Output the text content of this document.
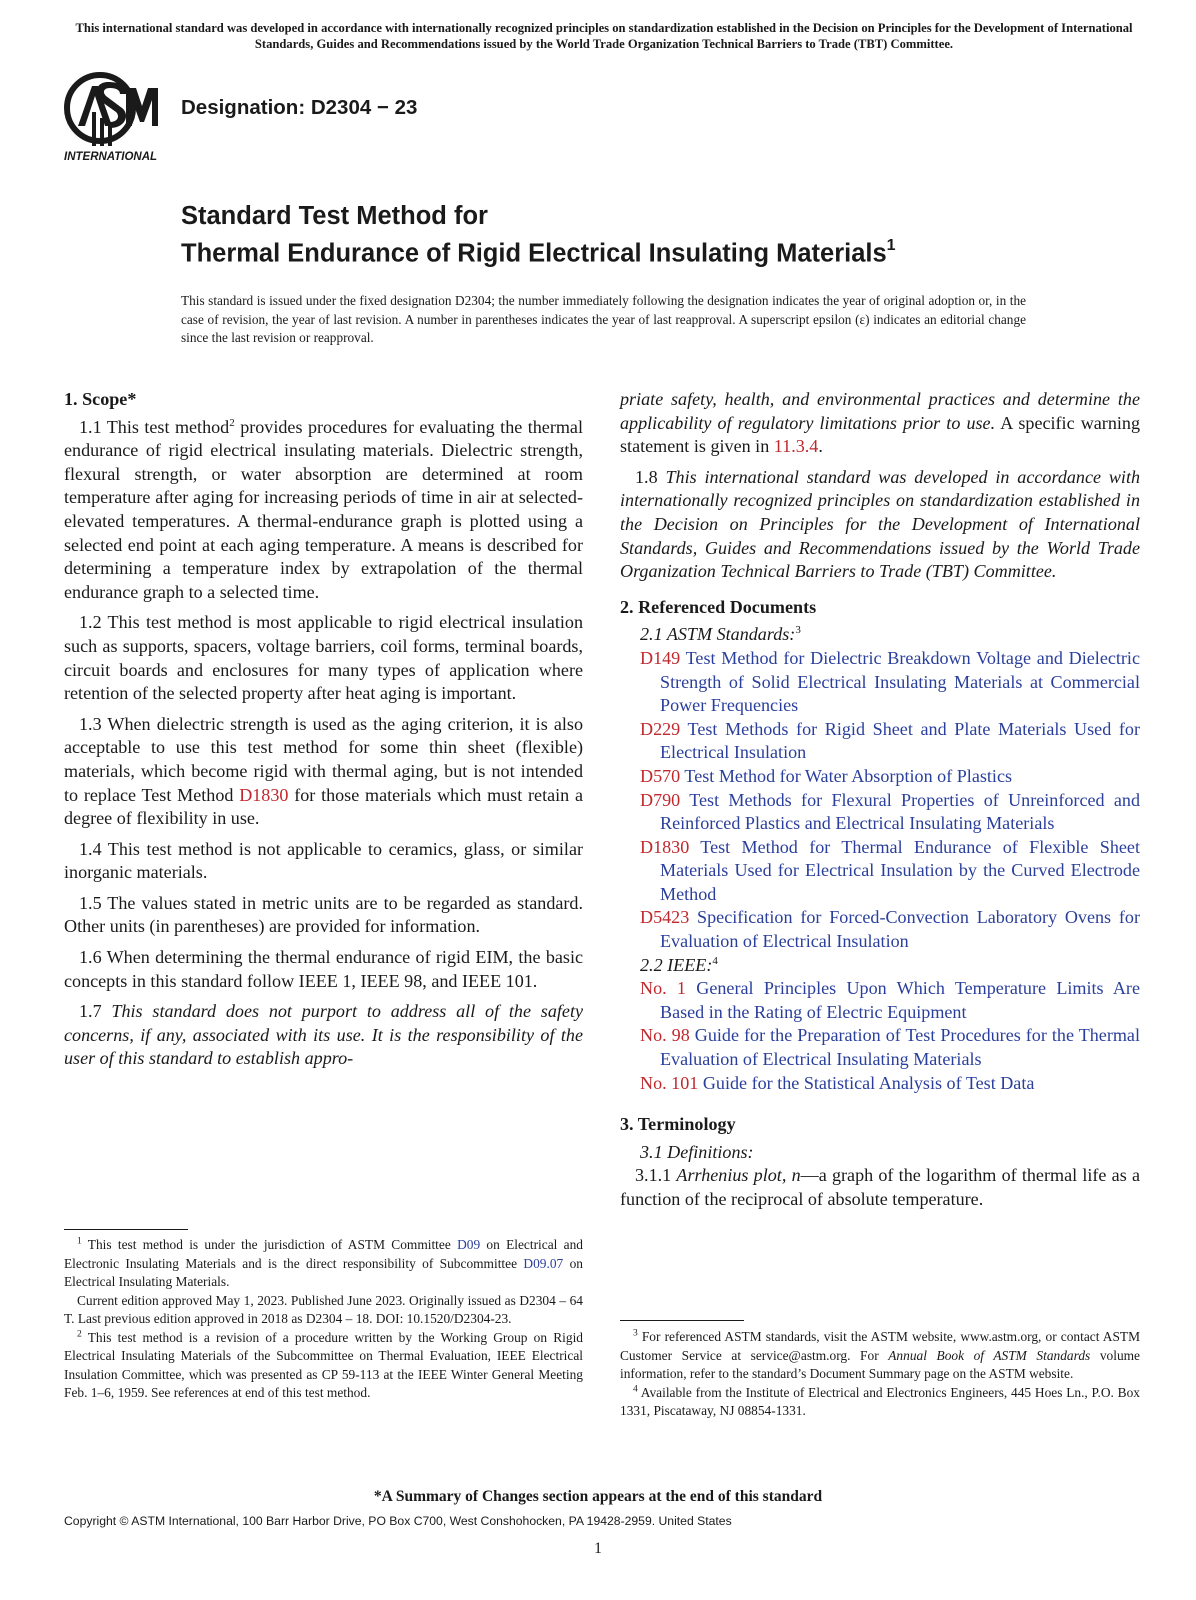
This international standard was developed in accordance with internationally recognized principles on standardization established in the Decision on Principles for the Development of International Standards, Guides and Recommendations issued by the World Trade Organization Technical Barriers to Trade (TBT) Committee.
INTERNATIONAL
Designation: D2304 − 23
Standard Test Method for
Thermal Endurance of Rigid Electrical Insulating Materials$^1$
This standard is issued under the fixed designation D2304; the number immediately following the designation indicates the year of original adoption or, in the case of revision, the year of last revision. A number in parentheses indicates the year of last reapproval. A superscript epsilon (ε) indicates an editorial change since the last revision or reapproval.
1. Scope*
1.1 This test method$^2$ provides procedures for evaluating the thermal endurance of rigid electrical insulating materials. Dielectric strength, flexural strength, or water absorption are determined at room temperature after aging for increasing periods of time in air at selected-elevated temperatures. A thermal-endurance graph is plotted using a selected end point at each aging temperature. A means is described for determining a temperature index by extrapolation of the thermal endurance graph to a selected time.
1.2 This test method is most applicable to rigid electrical insulation such as supports, spacers, voltage barriers, coil forms, terminal boards, circuit boards and enclosures for many types of application where retention of the selected property after heat aging is important.
1.3 When dielectric strength is used as the aging criterion, it is also acceptable to use this test method for some thin sheet (flexible) materials, which become rigid with thermal aging, but is not intended to replace Test Method D1830 for those materials which must retain a degree of flexibility in use.
1.4 This test method is not applicable to ceramics, glass, or similar inorganic materials.
1.5 The values stated in metric units are to be regarded as standard. Other units (in parentheses) are provided for information.
1.6 When determining the thermal endurance of rigid EIM, the basic concepts in this standard follow IEEE 1, IEEE 98, and IEEE 101.
1.7 This standard does not purport to address all of the safety concerns, if any, associated with its use. It is the responsibility of the user of this standard to establish appro-
priate safety, health, and environmental practices and determine the applicability of regulatory limitations prior to use. A specific warning statement is given in 11.3.4.
1.8 This international standard was developed in accordance with internationally recognized principles on standardization established in the Decision on Principles for the Development of International Standards, Guides and Recommendations issued by the World Trade Organization Technical Barriers to Trade (TBT) Committee.
2. Referenced Documents
2.1 ASTM Standards:$^3$
D149 Test Method for Dielectric Breakdown Voltage and Dielectric Strength of Solid Electrical Insulating Materials at Commercial Power Frequencies
D229 Test Methods for Rigid Sheet and Plate Materials Used for Electrical Insulation
D570 Test Method for Water Absorption of Plastics
D790 Test Methods for Flexural Properties of Unreinforced and Reinforced Plastics and Electrical Insulating Materials
D1830 Test Method for Thermal Endurance of Flexible Sheet Materials Used for Electrical Insulation by the Curved Electrode Method
D5423 Specification for Forced-Convection Laboratory Ovens for Evaluation of Electrical Insulation
2.2 IEEE:$^4$
No. 1 General Principles Upon Which Temperature Limits Are Based in the Rating of Electric Equipment
No. 98 Guide for the Preparation of Test Procedures for the Thermal Evaluation of Electrical Insulating Materials
No. 101 Guide for the Statistical Analysis of Test Data
3. Terminology
3.1 Definitions:
3.1.1 Arrhenius plot, n—a graph of the logarithm of thermal life as a function of the reciprocal of absolute temperature.

$^1$ This test method is under the jurisdiction of ASTM Committee D09 on Electrical and Electronic Insulating Materials and is the direct responsibility of Subcommittee D09.07 on Electrical Insulating Materials.

Current edition approved May 1, 2023. Published June 2023. Originally issued as D2304 – 64 T. Last previous edition approved in 2018 as D2304 – 18. DOI: 10.1520/D2304-23.

$^2$ This test method is a revision of a procedure written by the Working Group on Rigid Electrical Insulating Materials of the Subcommittee on Thermal Evaluation, IEEE Electrical Insulation Committee, which was presented as CP 59-113 at the IEEE Winter General Meeting Feb. 1–6, 1959. See references at end of this test method.

$^3$ For referenced ASTM standards, visit the ASTM website, www.astm.org, or contact ASTM Customer Service at service@astm.org. For Annual Book of ASTM Standards volume information, refer to the standard’s Document Summary page on the ASTM website.

$^4$ Available from the Institute of Electrical and Electronics Engineers, 445 Hoes Ln., P.O. Box 1331, Piscataway, NJ 08854-1331.

*A Summary of Changes section appears at the end of this standard
Copyright © ASTM International, 100 Barr Harbor Drive, PO Box C700, West Conshohocken, PA 19428-2959. United States
1
